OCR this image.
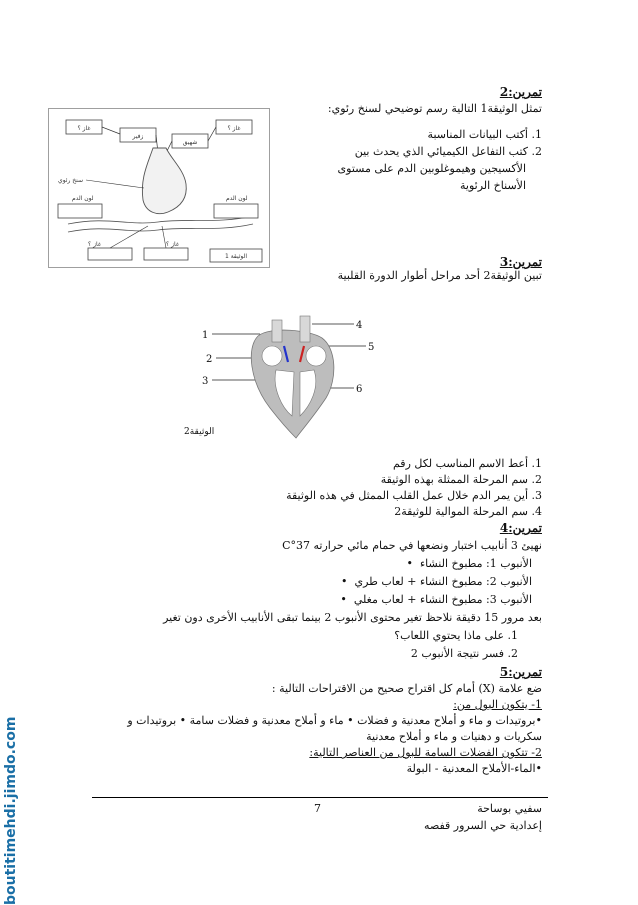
boutitimehdi.jimdo.com
تمرين:2
تمثل الوثيقة1 التالية رسم توضيحي لسنخ رئوي:
1. أكتب البيانات المناسبة
2. كتب التفاعل الكيميائي الذي يحدث بين
الأكسيجين وهيموغلوبين الدم على مستوى
الأسناخ الرئوية
غاز ؟
زفير
غاز ؟
شهيق
سنخ رئوي
لون الدم	لون الدم
غاز ؟	غاز ؟
الوثيقة 1	تمرين:3
تبين الوثيقة2 أحد مراحل أطوار الدورة القلبية
1
2
3
4
5
6
الوثيقة2
1. أعط الاسم المناسب لكل رقم
2. سم المرحلة الممثلة بهذه الوثيقة
3. أين يمر الدم خلال عمل القلب الممثل في هذه الوثيقة
4. سم المرحلة الموالية للوثيقة2
تمرين:4
نهيئ 3 أنابيب اختبار ونضعها في حمام مائي حرارته 37°C
الأنبوب 1: مطبوخ النشاء  •
الأنبوب 2: مطبوخ النشاء + لعاب طري  •
الأنبوب 3: مطبوخ النشاء + لعاب مغلي  •
بعد مرور 15 دقيقة نلاحظ تغير محتوى الأنبوب 2 بينما تبقى الأنابيب الأخرى دون تغير
1. على ماذا يحتوي اللعاب؟
2. فسر نتيجة الأنبوب 2
تمرين:5
ضع علامة (X) أمام كل اقتراح صحيح من الاقتراحات التالية :
1- يتكون البول من:
•بروتيدات و ماء و أملاح معدنية و فضلات • ماء و أملاح معدنية و فضلات سامة • بروتيدات و
سكريات و دهنيات و ماء و أملاح معدنية
2- تتكون الفضلات السامة للبول من العناصر التالية:
•الماء-الأملاح المعدنية - البولة
سفيي بوساحة
إعدادية حي السرور قفصه
7
